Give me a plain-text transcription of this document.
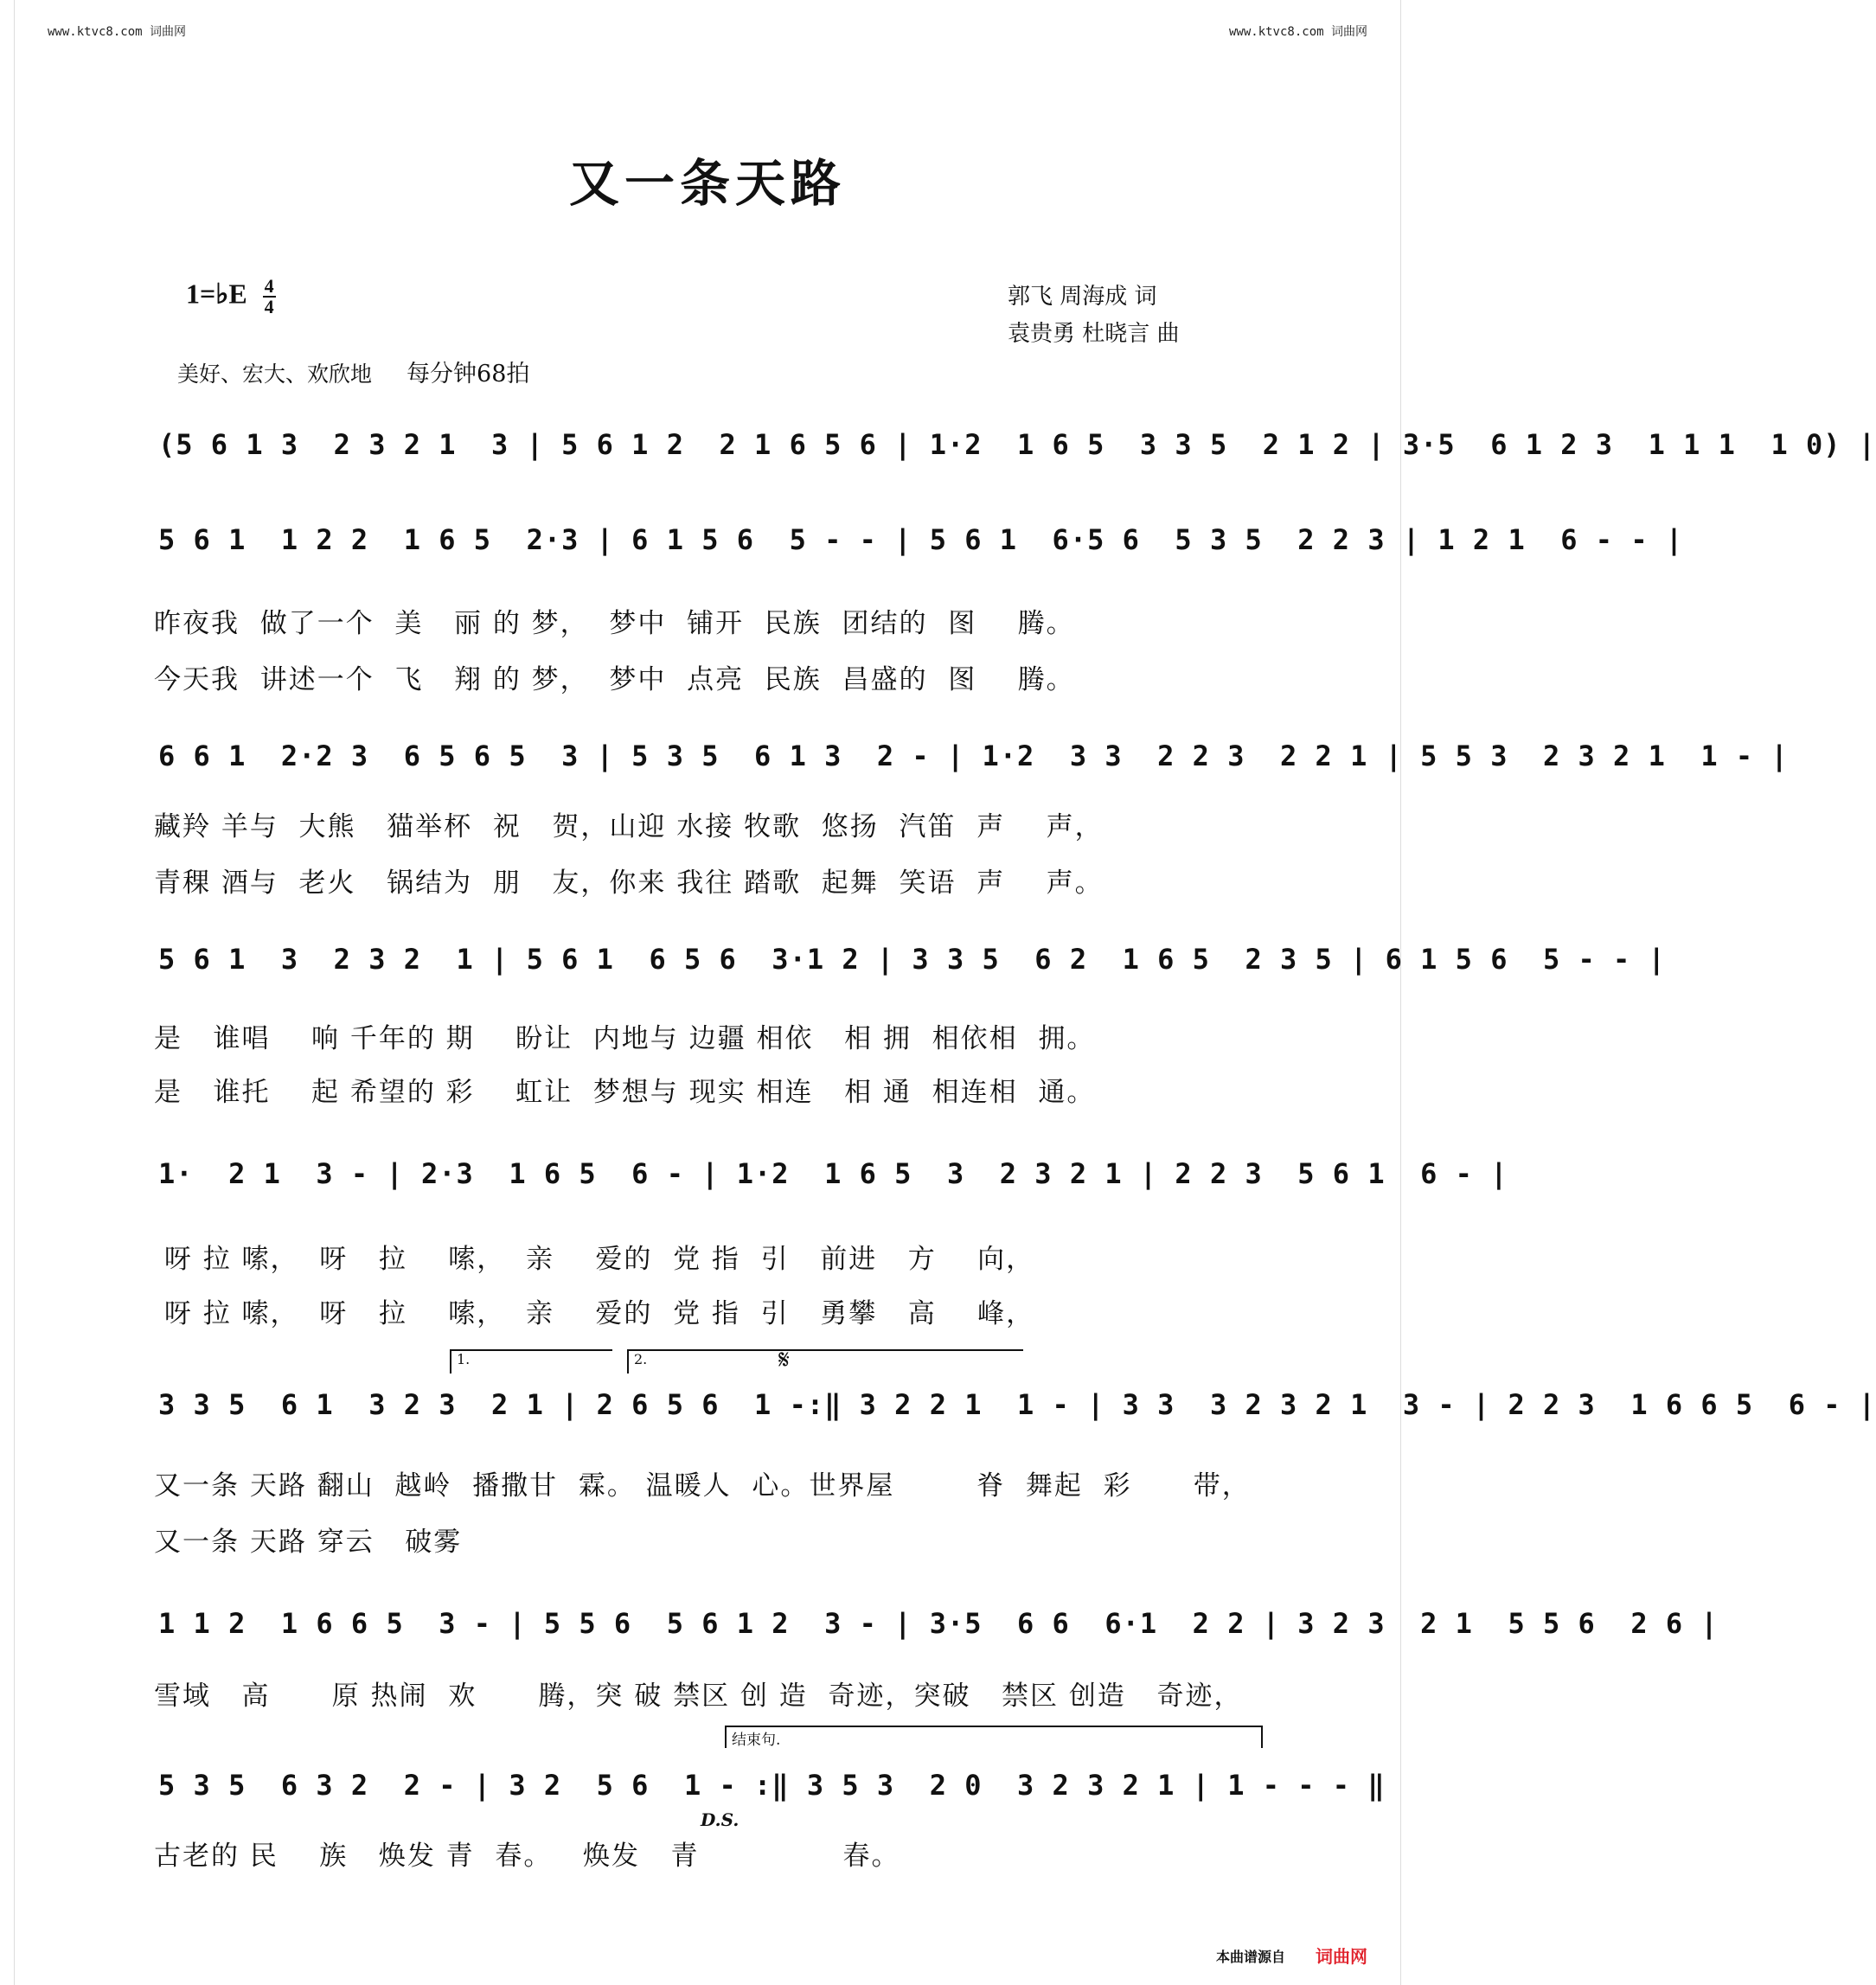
www.ktvc8.com 词曲网	www.ktvc8.com 词曲网
又一条天路
1=♭E $\frac{4}{4}$	郭飞 周海成 词
袁贵勇 杜晓言 曲
美好、宏大、欢欣地 每分钟68拍
(5 6 1 3  2 3 2 1  3 | 5 6 1 2  2 1 6 5 6 | 1·2  1 6 5  3 3 5  2 1 2 | 3·5  6 1 2 3  1 1 1  1 0) |
5 6 1  1 2 2  1 6 5  2·3 | 6 1 5 6  5 - - | 5 6 1  6·5 6  5 3 5  2 2 3 | 1 2 1  6 - - |
昨夜我  做了一个  美   丽 的 梦，  梦中  铺开  民族  团结的  图    腾。
今天我  讲述一个  飞   翔 的 梦，  梦中  点亮  民族  昌盛的  图    腾。
6 6 1  2·2 3  6 5 6 5  3 | 5 3 5  6 1 3  2 - | 1·2  3 3  2 2 3  2 2 1 | 5 5 3  2 3 2 1  1 - |
藏羚 羊与  大熊   猫举杯  祝   贺，山迎 水接 牧歌  悠扬  汽笛  声    声，
青稞 酒与  老火   锅结为  朋   友，你来 我往 踏歌  起舞  笑语  声    声。
5 6 1  3  2 3 2  1 | 5 6 1  6 5 6  3·1 2 | 3 3 5  6 2  1 6 5  2 3 5 | 6 1 5 6  5 - - |
是   谁唱    响 千年的 期    盼让  内地与 边疆 相依   相 拥  相依相  拥。
是   谁托    起 希望的 彩    虹让  梦想与 现实 相连   相 通  相连相  通。
1·  2 1  3 - | 2·3  1 6 5  6 - | 1·2  1 6 5  3  2 3 2 1 | 2 2 3  5 6 1  6 - |
呀 拉 嗦，  呀   拉    嗦，  亲    爱的  党 指  引   前进   方    向，
呀 拉 嗦，  呀   拉    嗦，  亲    爱的  党 指  引   勇攀   高    峰，
1.	2.	𝄋
3 3 5  6 1  3 2 3  2 1 | 2 6 5 6  1 -:‖ 3 2 2 1  1 - | 3 3  3 2 3 2 1  3 - | 2 2 3  1 6 6 5  6 - |
又一条 天路 翻山  越岭  播撒甘  霖。 温暖人  心。世界屋        脊  舞起  彩      带，
又一条 天路 穿云   破雾
1 1 2  1 6 6 5  3 - | 5 5 6  5 6 1 2  3 - | 3·5  6 6  6·1  2 2 | 3 2 3  2 1  5 5 6  2 6 |
雪域   高      原 热闹  欢      腾，突 破 禁区 创 造  奇迹，突破   禁区 创造   奇迹，
结束句.
5 3 5  6 3 2  2 - | 3 2  5 6  1 - :‖ 3 5 3  2 0  3 2 3 2 1 | 1 - - - ‖
D.S.
古老的 民    族   焕发 青  春。   焕发   青              春。
本曲谱源自 词曲网
